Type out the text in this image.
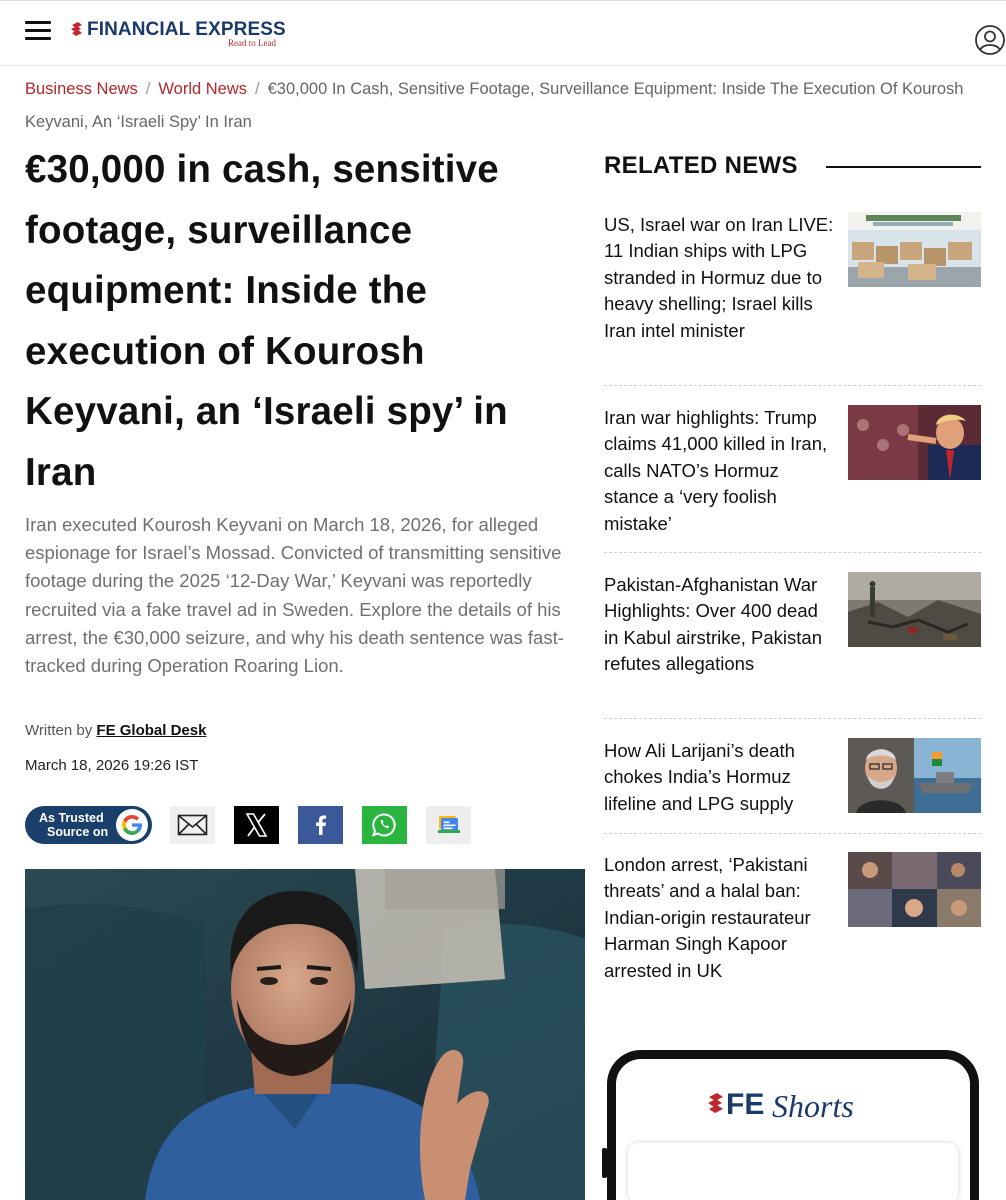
FINANCIAL EXPRESS
Read to Lead
Business News / World News / €30,000 In Cash, Sensitive Footage, Surveillance Equipment: Inside The Execution Of Kourosh Keyvani, An ‘Israeli Spy’ In Iran
€30,000 in cash, sensitive footage, surveillance equipment: Inside the execution of Kourosh Keyvani, an ‘Israeli spy’ in Iran

Iran executed Kourosh Keyvani on March 18, 2026, for alleged espionage for Israel’s Mossad. Convicted of transmitting sensitive footage during the 2025 ‘12-Day War,’ Keyvani was reportedly recruited via a fake travel ad in Sweden. Explore the details of his arrest, the €30,000 seizure, and why his death sentence was fast-tracked during Operation Roaring Lion.

Written by FE Global Desk
March 18, 2026 19:26 IST
As Trusted
Source on
RELATED NEWS
US, Israel war on Iran LIVE: 11 Indian ships with LPG stranded in Hormuz due to heavy shelling; Israel kills Iran intel minister
Iran war highlights: Trump claims 41,000 killed in Iran, calls NATO’s Hormuz stance a ‘very foolish mistake’
Pakistan-Afghanistan War Highlights: Over 400 dead in Kabul airstrike, Pakistan refutes allegations
How Ali Larijani’s death chokes India’s Hormuz lifeline and LPG supply
London arrest, ‘Pakistani threats’ and a halal ban: Indian-origin restaurateur Harman Singh Kapoor arrested in UK
FE Shorts
